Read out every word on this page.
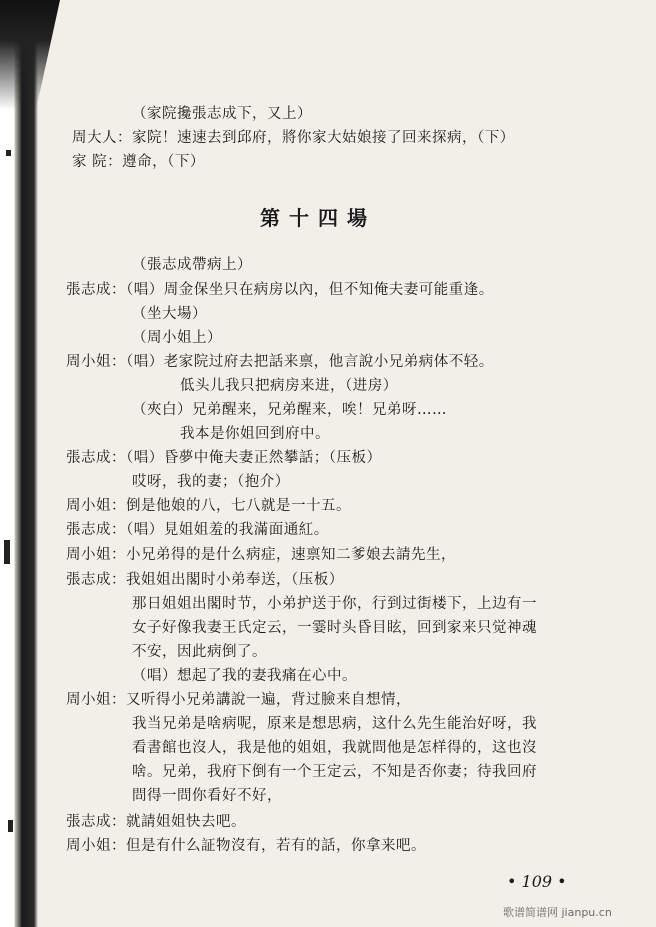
（家院攙張志成下，又上）
周大人：家院！速速去到邱府，將你家大姑娘接了回来探病，（下）
家 院：遵命，（下）
第十四場
（張志成帶病上）
張志成：（唱）周金保坐只在病房以內，但不知俺夫妻可能重逢。
（坐大場）
（周小姐上）
周小姐：（唱）老家院过府去把話来禀，他言說小兄弟病体不轻。
低头儿我只把病房来进，（进房）
（夾白）兄弟醒来，兄弟醒来，唉！兄弟呀……
我本是你姐回到府中。
張志成：（唱）昏夢中俺夫妻正然攀話；（压板）
哎呀，我的妻；（抱介）
周小姐：倒是他娘的八，七八就是一十五。
張志成：（唱）見姐姐羞的我滿面通紅。
周小姐：小兄弟得的是什么病症，速禀知二爹娘去請先生，
張志成：我姐姐出閣时小弟奉送，（压板）
那日姐姐出閣时节，小弟护送于你，行到过街楼下，上边有一
女子好像我妻王氏定云，一霎时头昏目眩，回到家来只觉神魂
不安，因此病倒了。
（唱）想起了我的妻我痛在心中。
周小姐：又听得小兄弟講說一遍，背过臉来自想情，
我当兄弟是啥病呢，原来是想思病，这什么先生能治好呀，我
看書館也沒人，我是他的姐姐，我就問他是怎样得的，这也沒
啥。兄弟，我府下倒有一个王定云，不知是否你妻；待我回府
問得一問你看好不好，
張志成：就請姐姐快去吧。
周小姐：但是有什么証物沒有，若有的話，你拿来吧。
• 109 •
歌谱简谱网 jianpu.cn
